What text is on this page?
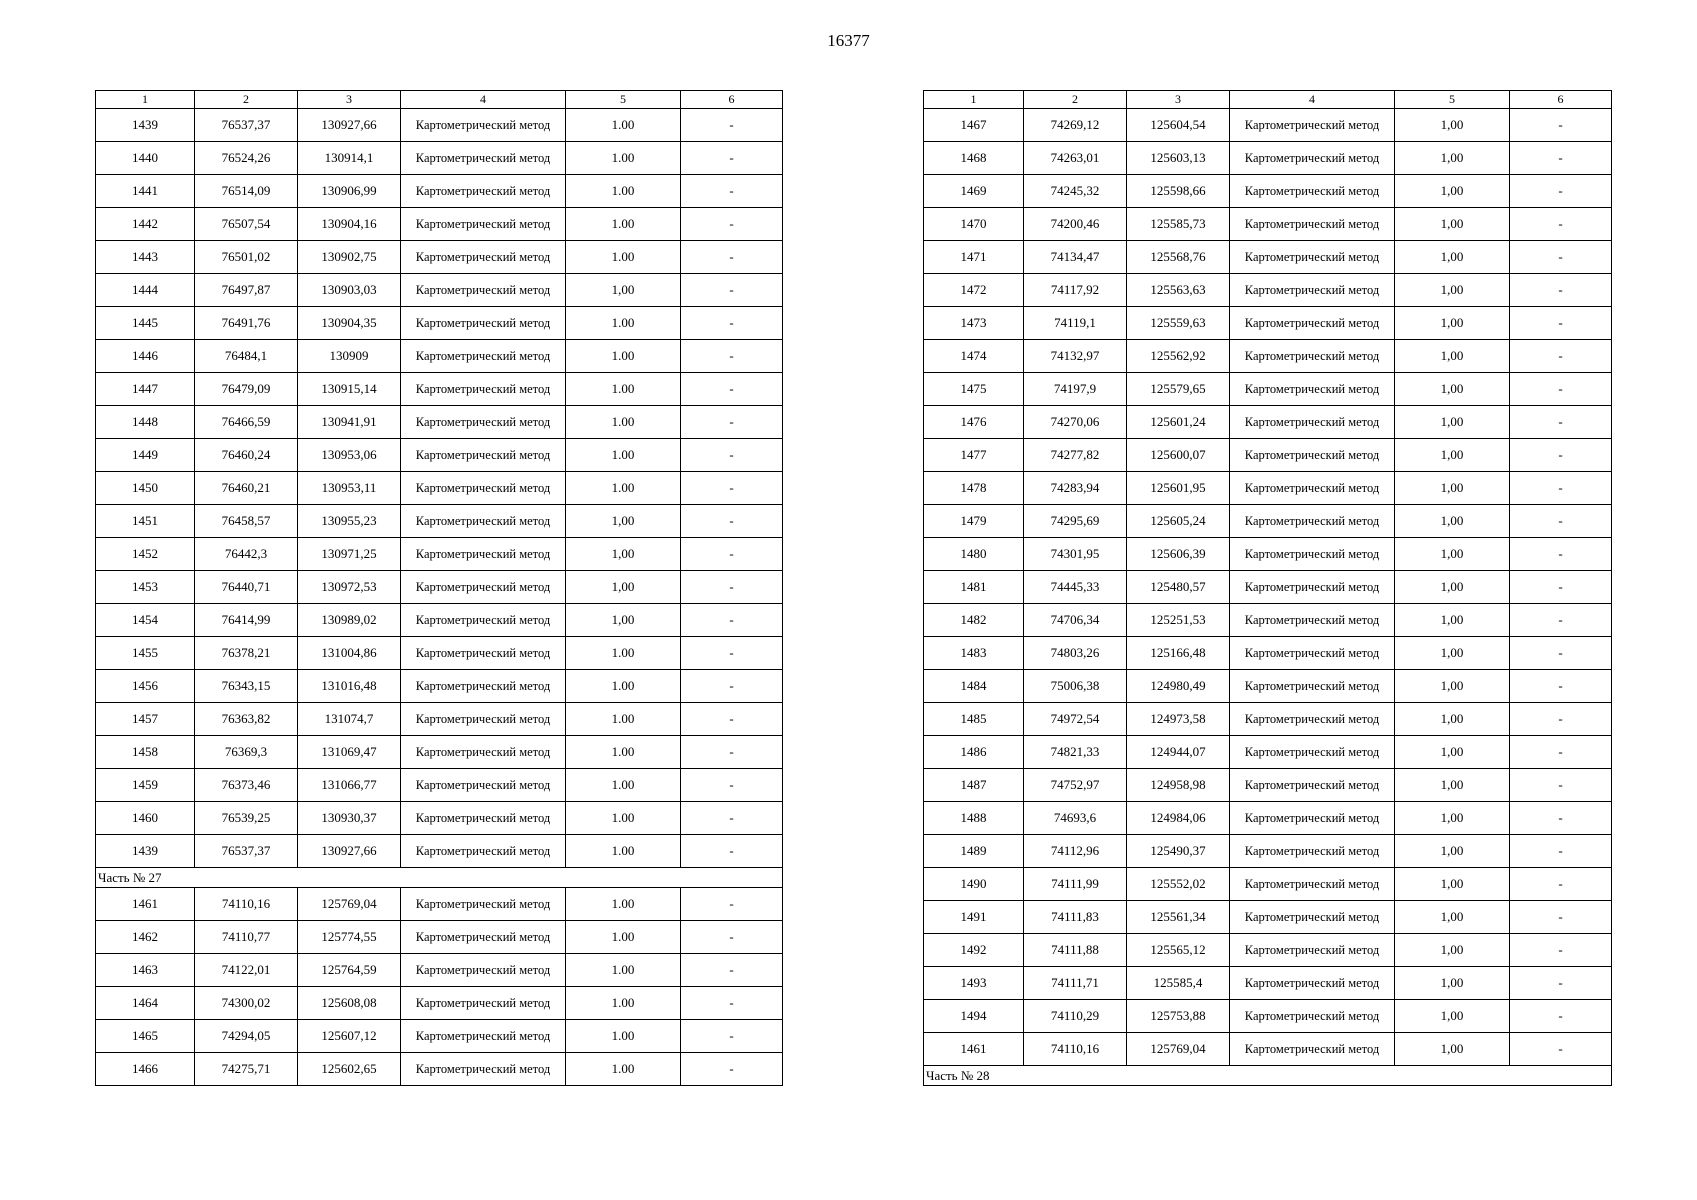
16377
1	2	3	4	5	6
1439	76537,37	130927,66	Картометрический метод	1.00	-
1440	76524,26	130914,1	Картометрический метод	1.00	-
1441	76514,09	130906,99	Картометрический метод	1.00	-
1442	76507,54	130904,16	Картометрический метод	1.00	-
1443	76501,02	130902,75	Картометрический метод	1.00	-
1444	76497,87	130903,03	Картометрический метод	1,00	-
1445	76491,76	130904,35	Картометрический метод	1.00	-
1446	76484,1	130909	Картометрический метод	1.00	-
1447	76479,09	130915,14	Картометрический метод	1.00	-
1448	76466,59	130941,91	Картометрический метод	1.00	-
1449	76460,24	130953,06	Картометрический метод	1.00	-
1450	76460,21	130953,11	Картометрический метод	1.00	-
1451	76458,57	130955,23	Картометрический метод	1,00	-
1452	76442,3	130971,25	Картометрический метод	1,00	-
1453	76440,71	130972,53	Картометрический метод	1,00	-
1454	76414,99	130989,02	Картометрический метод	1,00	-
1455	76378,21	131004,86	Картометрический метод	1.00	-
1456	76343,15	131016,48	Картометрический метод	1.00	-
1457	76363,82	131074,7	Картометрический метод	1.00	-
1458	76369,3	131069,47	Картометрический метод	1.00	-
1459	76373,46	131066,77	Картометрический метод	1.00	-
1460	76539,25	130930,37	Картометрический метод	1.00	-
1439	76537,37	130927,66	Картометрический метод	1.00	-
Часть № 27					
1461	74110,16	125769,04	Картометрический метод	1.00	-
1462	74110,77	125774,55	Картометрический метод	1.00	-
1463	74122,01	125764,59	Картометрический метод	1.00	-
1464	74300,02	125608,08	Картометрический метод	1.00	-
1465	74294,05	125607,12	Картометрический метод	1.00	-
1466	74275,71	125602,65	Картометрический метод	1.00	-
1	2	3	4	5	6
1467	74269,12	125604,54	Картометрический метод	1,00	-
1468	74263,01	125603,13	Картометрический метод	1,00	-
1469	74245,32	125598,66	Картометрический метод	1,00	-
1470	74200,46	125585,73	Картометрический метод	1,00	-
1471	74134,47	125568,76	Картометрический метод	1,00	-
1472	74117,92	125563,63	Картометрический метод	1,00	-
1473	74119,1	125559,63	Картометрический метод	1,00	-
1474	74132,97	125562,92	Картометрический метод	1,00	-
1475	74197,9	125579,65	Картометрический метод	1,00	-
1476	74270,06	125601,24	Картометрический метод	1,00	-
1477	74277,82	125600,07	Картометрический метод	1,00	-
1478	74283,94	125601,95	Картометрический метод	1,00	-
1479	74295,69	125605,24	Картометрический метод	1,00	-
1480	74301,95	125606,39	Картометрический метод	1,00	-
1481	74445,33	125480,57	Картометрический метод	1,00	-
1482	74706,34	125251,53	Картометрический метод	1,00	-
1483	74803,26	125166,48	Картометрический метод	1,00	-
1484	75006,38	124980,49	Картометрический метод	1,00	-
1485	74972,54	124973,58	Картометрический метод	1,00	-
1486	74821,33	124944,07	Картометрический метод	1,00	-
1487	74752,97	124958,98	Картометрический метод	1,00	-
1488	74693,6	124984,06	Картометрический метод	1,00	-
1489	74112,96	125490,37	Картометрический метод	1,00	-
1490	74111,99	125552,02	Картометрический метод	1,00	-
1491	74111,83	125561,34	Картометрический метод	1,00	-
1492	74111,88	125565,12	Картометрический метод	1,00	-
1493	74111,71	125585,4	Картометрический метод	1,00	-
1494	74110,29	125753,88	Картометрический метод	1,00	-
1461	74110,16	125769,04	Картометрический метод	1,00	-
Часть № 28					
